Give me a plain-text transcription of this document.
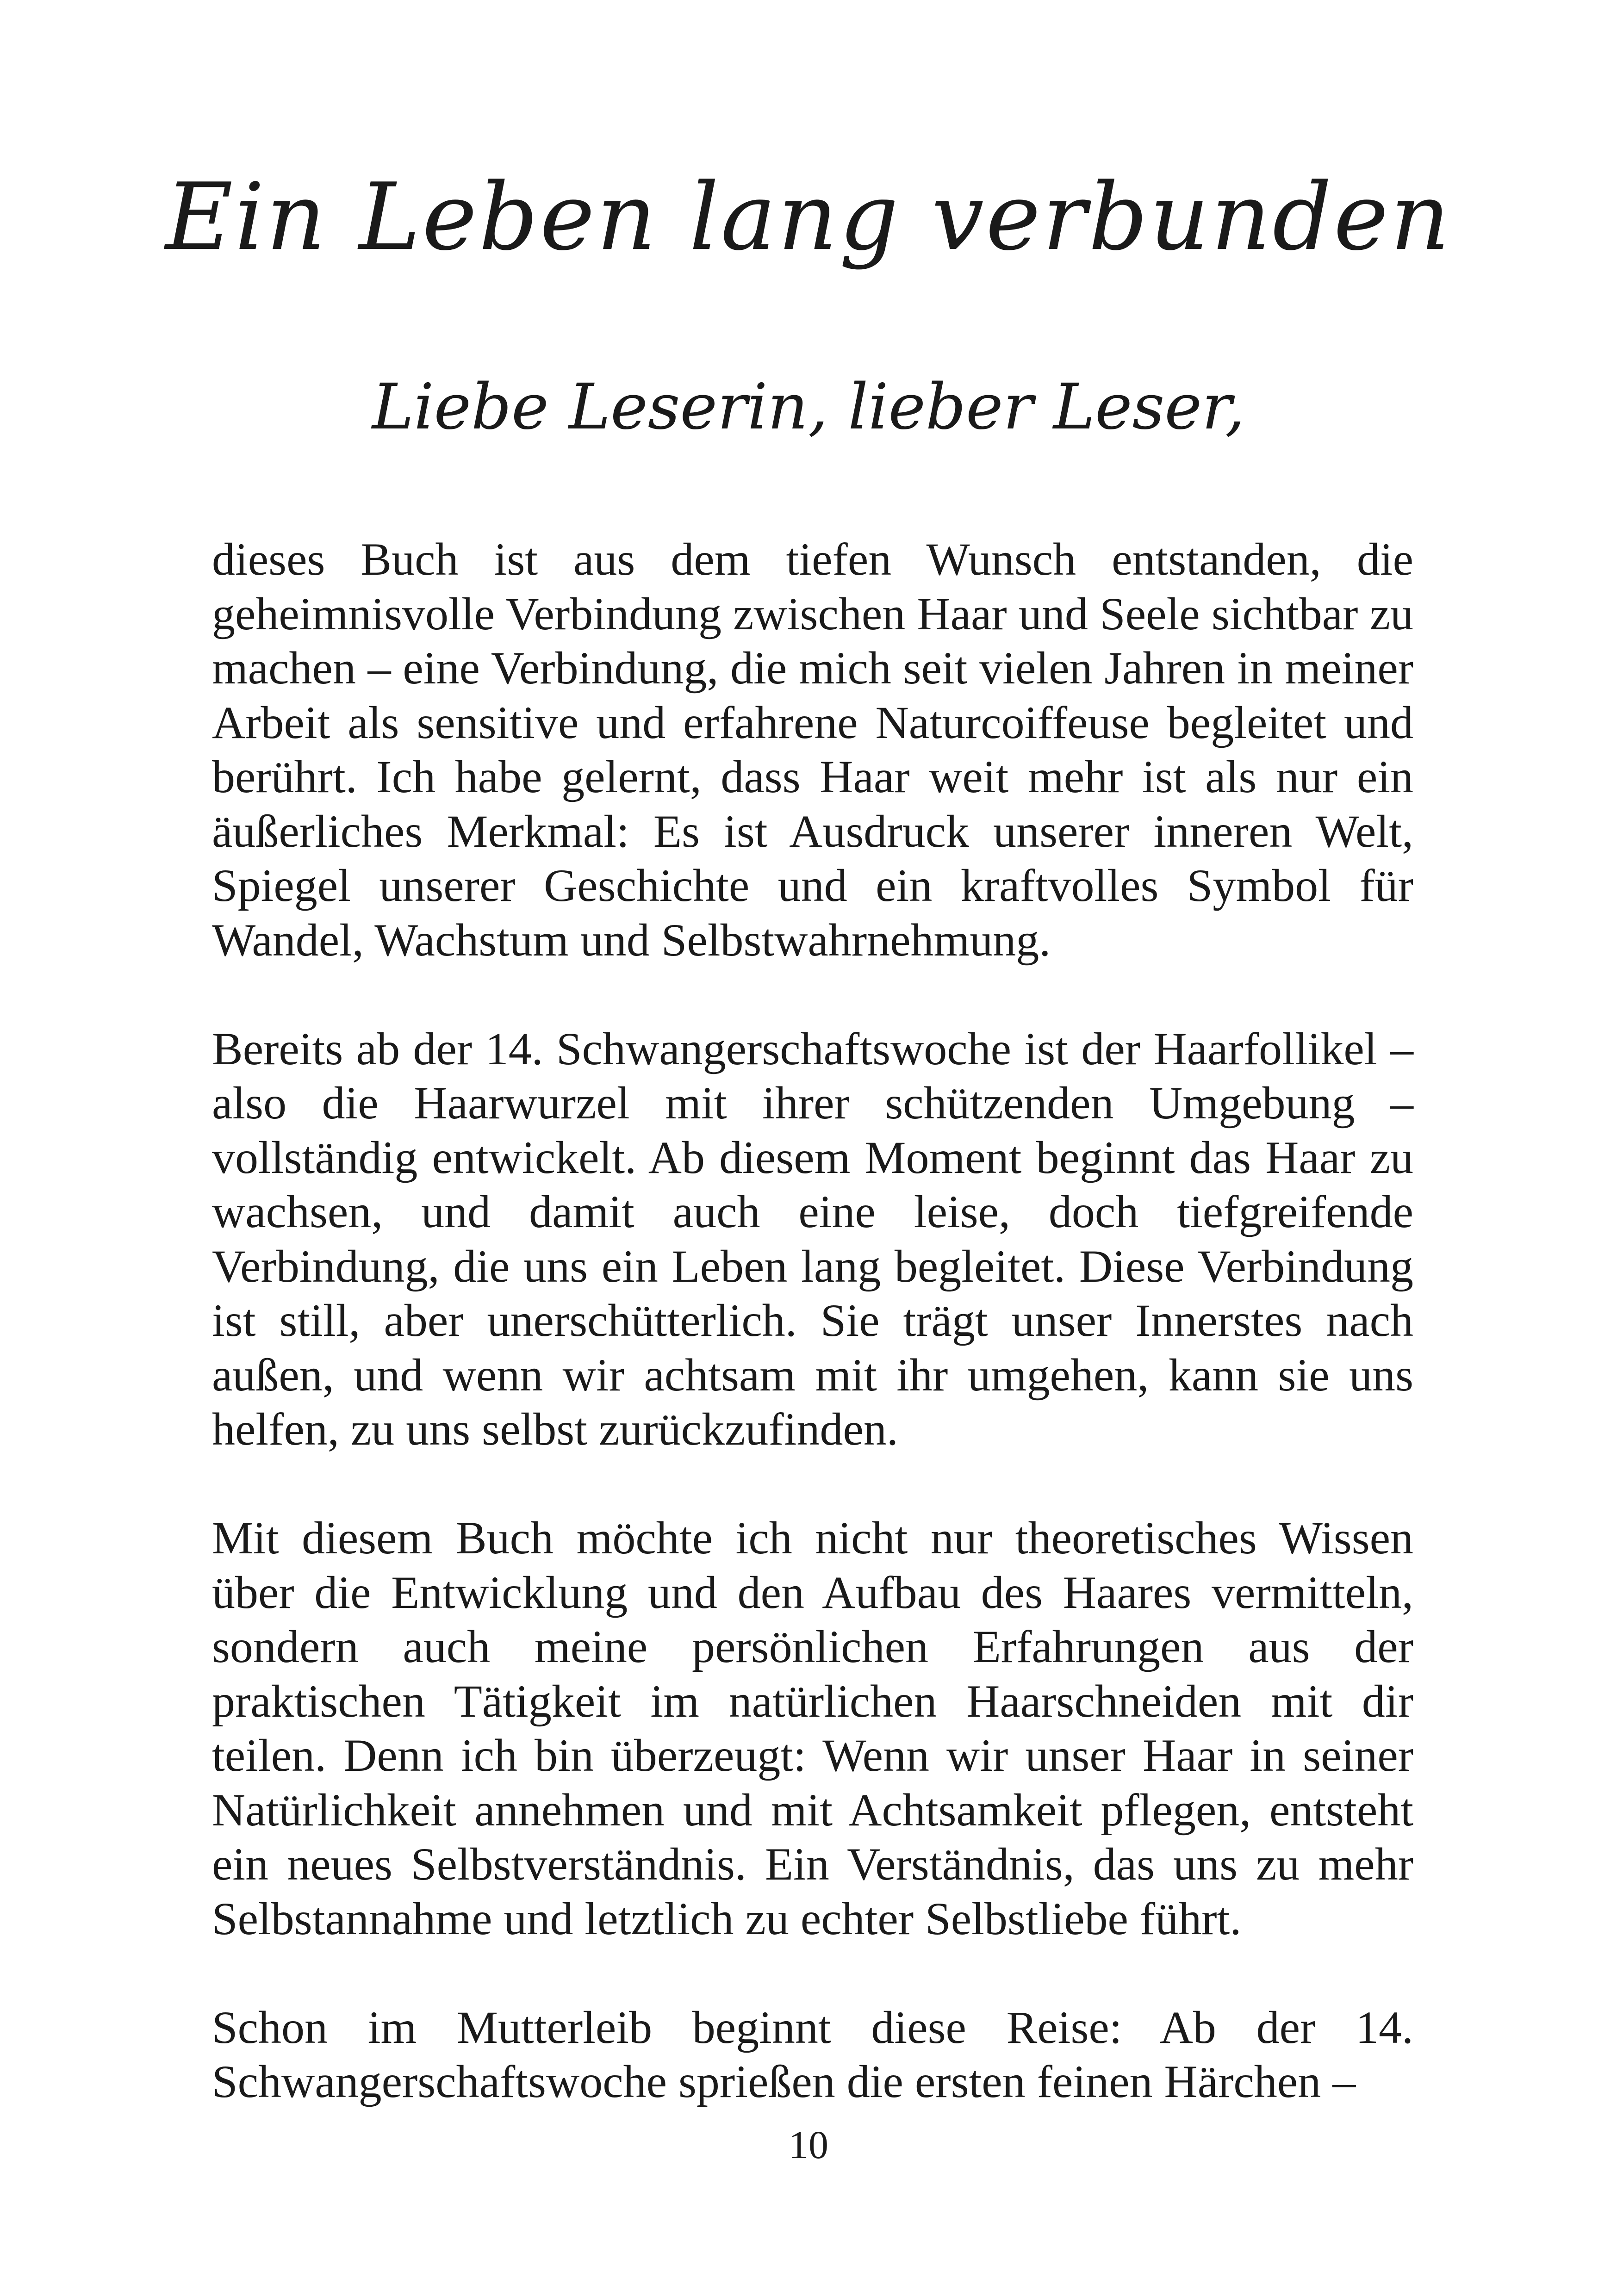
Ein Leben lang verbunden
Liebe Leserin, lieber Leser,

dieses Buch ist aus dem tiefen Wunsch entstanden, die geheimnisvolle Verbindung zwischen Haar und Seele sichtbar zu machen – eine Verbindung, die mich seit vielen Jahren in meiner Arbeit als sensitive und erfahrene Naturcoiffeuse begleitet und berührt. Ich habe gelernt, dass Haar weit mehr ist als nur ein äußerliches Merkmal: Es ist Ausdruck unserer inneren Welt, Spiegel unserer Geschichte und ein kraftvolles Symbol für Wandel, Wachstum und Selbstwahrnehmung.

Bereits ab der 14. Schwangerschaftswoche ist der Haarfollikel – also die Haarwurzel mit ihrer schützenden Umgebung – vollständig entwickelt. Ab diesem Moment beginnt das Haar zu wachsen, und damit auch eine leise, doch tiefgreifende Verbindung, die uns ein Leben lang begleitet. Diese Verbindung ist still, aber unerschütterlich. Sie trägt unser Innerstes nach außen, und wenn wir achtsam mit ihr umgehen, kann sie uns helfen, zu uns selbst zurückzufinden.

Mit diesem Buch möchte ich nicht nur theoretisches Wissen über die Entwicklung und den Aufbau des Haares vermitteln, sondern auch meine persönlichen Erfahrungen aus der praktischen Tätigkeit im natürlichen Haarschneiden mit dir teilen. Denn ich bin überzeugt: Wenn wir unser Haar in seiner Natürlichkeit annehmen und mit Achtsamkeit pflegen, entsteht ein neues Selbstverständnis. Ein Verständnis, das uns zu mehr Selbstannahme und letztlich zu echter Selbstliebe führt.

Schon im Mutterleib beginnt diese Reise: Ab der 14. Schwangerschaftswoche sprießen die ersten feinen Härchen –

10
